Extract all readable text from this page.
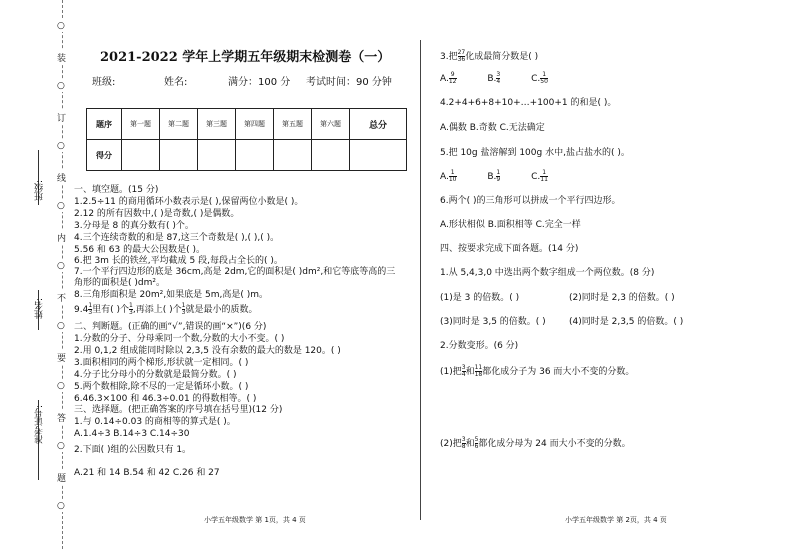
班级:
姓名:
准考证号:
○
装
○
订
○
线
○
内
○
不
○
要
○
答
○
题
○
2021-2022 学年上学期五年级期末检测卷（一）
班级:	姓名:	满分：100 分 考试时间：90 分钟
题序	第一题	第二题	第三题	第四题	第五题	第六题	总分
得分							
一、填空题。(15 分)
1.2.5÷11 的商用循环小数表示是( ),保留两位小数是( )。
2.12 的所有因数中,( )是奇数,( )是偶数。
3.分母是 8 的真分数有( )个。
4.三个连续奇数的和是 87,这三个奇数是( ),( ),( )。
5.56 和 63 的最大公因数是( )。
6.把 3m 长的铁丝,平均截成 5 段,每段占全长的( )。
7.一个平行四边形的底是 36cm,高是 2dm,它的面积是( )dm²,和它等底等高的三
角形的面积是( )dm²。
8.三角形面积是 20m²,如果底是 5m,高是( )m。
$9.4 \frac{1}{3}$ 里有( )个 $\frac{1}{3}$ ,再添上( )个 $\frac{1}{3}$ 就是最小的质数。
二、判断题。(正确的画“√”,错误的画“×”)(6 分)
1.分数的分子、分母乘同一个数,分数的大小不变。( )
2.用 0,1,2 组成能同时除以 2,3,5 没有余数的最大的数是 120。( )
3.面积相同的两个梯形,形状就一定相同。( )
4.分子比分母小的分数就是最简分数。( )
5.两个数相除,除不尽的一定是循环小数。( )
6.46.3×100 和 46.3÷0.01 的得数相等。( )
三、选择题。(把正确答案的序号填在括号里)(12 分)
1.与 0.14÷0.03 的商相等的算式是( )。
A.1.4÷3 B.14÷3 C.14÷30
2.下面( )组的公因数只有 1。
A.21 和 14 B.54 和 42 C.26 和 27
小学五年级数学 第 1页，共 4 页
3.把 $\frac{27}{36}$ 化成最简分数是( )
A. $\frac{9}{12}$	B. $\frac{3}{4}$	C. $\frac{1}{50}$
4.2+4+6+8+10+…+100+1 的和是( )。
A.偶数 B.奇数 C.无法确定
5.把 10g 盐溶解到 100g 水中,盐占盐水的( )。
A. $\frac{1}{10}$	B. $\frac{1}{9}$	C. $\frac{1}{11}$
6.两个( )的三角形可以拼成一个平行四边形。
A.形状相似 B.面积相等 C.完全一样
四、按要求完成下面各题。(14 分)
1.从 5,4,3,0 中选出两个数字组成一个两位数。(8 分)
(1)是 3 的倍数。( )	(2)同时是 2,3 的倍数。( )
(3)同时是 3,5 的倍数。( )	(4)同时是 2,3,5 的倍数。( )
2.分数变形。(6 分)
(1)把 $\frac{3}{4}$ 和 $\frac{11}{18}$ 都化成分子为 36 而大小不变的分数。
(2)把 $\frac{3}{8}$ 和 $\frac{5}{6}$ 都化成分母为 24 而大小不变的分数。
小学五年级数学 第 2页，共 4 页
